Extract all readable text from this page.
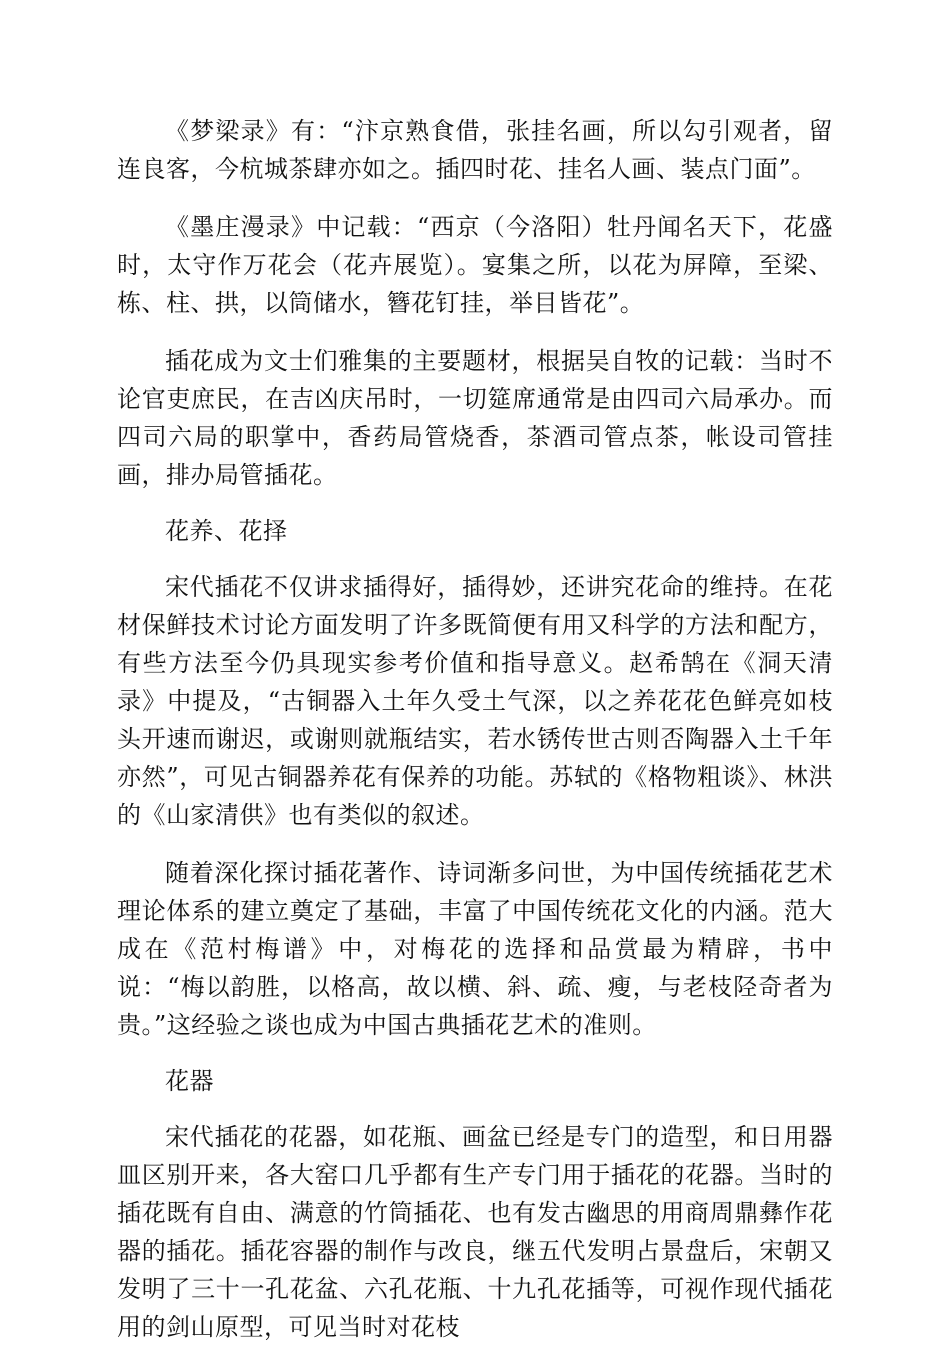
《梦梁录》有：“汴京熟食借，张挂名画，所以勾引观者，留连良客，今杭城茶肆亦如之。插四时花、挂名人画、装点门面”。

《墨庄漫录》中记载：“西京（今洛阳）牡丹闻名天下，花盛时，太守作万花会（花卉展览）。宴集之所，以花为屏障，至梁、栋、柱、拱，以筒储水，簪花钉挂，举目皆花”。

插花成为文士们雅集的主要题材，根据吴自牧的记载：当时不论官吏庶民，在吉凶庆吊时，一切筵席通常是由四司六局承办。而四司六局的职掌中，香药局管烧香，茶酒司管点茶，帐设司管挂画，排办局管插花。

花养、花择

宋代插花不仅讲求插得好，插得妙，还讲究花命的维持。在花材保鲜技术讨论方面发明了许多既简便有用又科学的方法和配方，有些方法至今仍具现实参考价值和指导意义。赵希鹄在《洞天清录》中提及，“古铜器入土年久受土气深，以之养花花色鲜亮如枝头开速而谢迟，或谢则就瓶结实，若水锈传世古则否陶器入土千年亦然”，可见古铜器养花有保养的功能。苏轼的《格物粗谈》、林洪的《山家清供》也有类似的叙述。

随着深化探讨插花著作、诗词渐多问世，为中国传统插花艺术理论体系的建立奠定了基础，丰富了中国传统花文化的内涵。范大成在《范村梅谱》中，对梅花的选择和品赏最为精辟，书中说：“梅以韵胜，以格高，故以横、斜、疏、瘦，与老枝陉奇者为贵。”这经验之谈也成为中国古典插花艺术的准则。

花器

宋代插花的花器，如花瓶、画盆已经是专门的造型，和日用器皿区别开来，各大窑口几乎都有生产专门用于插花的花器。当时的插花既有自由、满意的竹筒插花、也有发古幽思的用商周鼎彝作花器的插花。插花容器的制作与改良，继五代发明占景盘后，宋朝又发明了三十一孔花盆、六孔花瓶、十九孔花插等，可视作现代插花用的剑山原型，可见当时对花枝
